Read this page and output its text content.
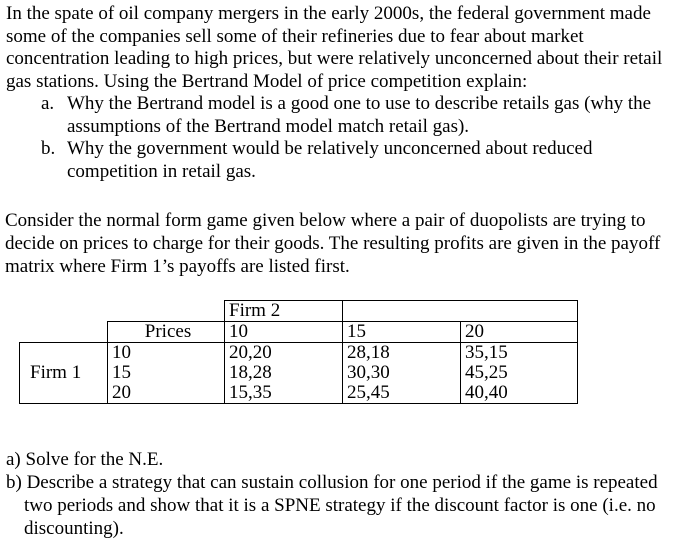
In the spate of oil company mergers in the early 2000s, the federal government made some of the companies sell some of their refineries due to fear about market concentration leading to high prices, but were relatively unconcerned about their retail gas stations. Using the Bertrand Model of price competition explain:

a. Why the Bertrand model is a good one to use to describe retails gas (why the assumptions of the Bertrand model match retail gas).
b. Why the government would be relatively unconcerned about reduced competition in retail gas.

Consider the normal form game given below where a pair of duopolists are trying to decide on prices to charge for their goods. The resulting profits are given in the payoff matrix where Firm 1’s payoffs are listed first.

		Firm 2		
	Prices	10	15	20
Firm 1	10	20,20	28,18	35,15
	15	18,28	30,30	45,25
	20	15,35	25,45	40,40

a) Solve for the N.E.

b) Describe a strategy that can sustain collusion for one period if the game is repeated two periods and show that it is a SPNE strategy if the discount factor is one (i.e. no discounting).
